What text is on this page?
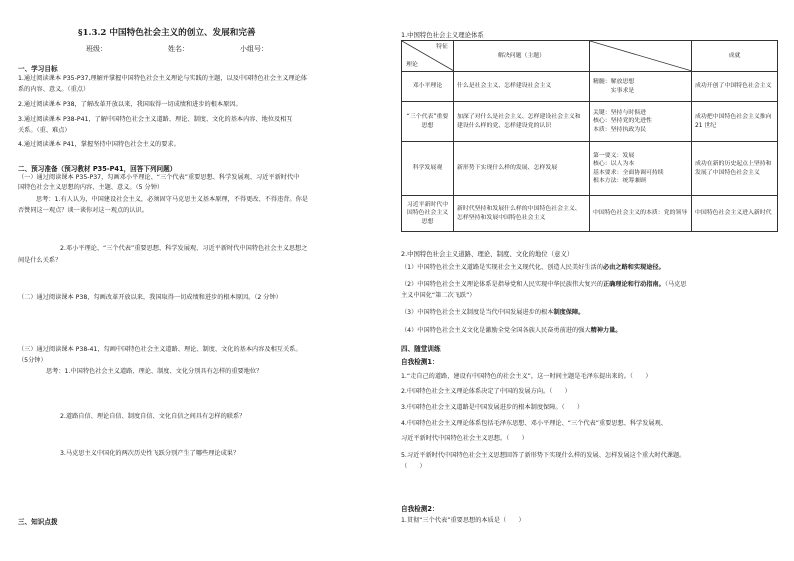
§1.3.2 中国特色社会主义的创立、发展和完善
班级：	姓名：	小组号：
一、学习目标
1.通过阅读课本 P35-P37,理解并掌握中国特色社会主义理论与实践的主题，以及中国特色社会主义理论体
系的内容、意义。（重点）
2.通过阅读课本 P38，了解改革开放以来，我国取得一切成绩和进步的根本原因。
3.通过阅读课本 P38-P41，了解中国特色社会主义道路、理论、制度、文化的基本内容、地位及相互
关系。（重、难点）
4.通过阅读课本 P41，掌握坚持中国特色社会主义的要求。
二、预习准备（预习教材 P35-P41，回答下列问题）
（一）通过阅读课本 P35-P37，勾画邓小平理论、“三个代表”重要思想、科学发展观、习近平新时代中
国特色社会主义思想的内容、主题、意义。（5 分钟）
思考：1.有人认为，中国建设社会主义，必须固守马克思主义基本原理，不得更改、不得违背。你是
否赞同这一观点？谈一谈你对这一观点的认识。
2.邓小平理论、“三个代表”重要思想、科学发展观、习近平新时代中国特色社会主义思想之
间是什么关系？
（二）通过阅读课本 P38，勾画改革开放以来，我国取得一切成绩和进步的根本原因。（2 分钟）
（三）通过阅读课本 P38-41，勾画中国特色社会主义道路、理论、制度、文化的基本内容及相互关系。
（5分钟）
思考：1.中国特色社会主义道路、理论、制度、文化分别具有怎样的重要地位？
2.道路自信、理论自信、制度自信、文化自信之间具有怎样的联系？
3.马克思主义中国化的两次历史性飞跃分别产生了哪些理论成果？
三、知识点拨
1.中国特色社会主义理论体系
特征
理论	解决问题（主题）		成就
邓小平理论	什么是社会主义、怎样建设社会主义	精髓：解放思想
　　　实事求是	成功开创了中国特色社会主义
“三个代表”重要思想	加深了对什么是社会主义、怎样建设社会主义和建设什么样的党、怎样建设党的认识	关键：坚持与时俱进
核心：坚持党的先进性
本质：坚持执政为民	成功把中国特色社会主义推向 21 世纪
科学发展观	新形势下实现什么样的发展、怎样发展	第一要义：发展
核心：以人为本
基本要求：全面协调可持续
根本方法：统筹兼顾	成功在新的历史起点上坚持和发展了中国特色社会主义
习近平新时代中国特色社会主义思想	新时代坚持和发展什么样的中国特色社会主义、怎样坚持和发展中国特色社会主义	中国特色社会主义的本质：党的领导	中国特色社会主义进入新时代
2.中国特色社会主义道路、理论、制度、文化的地位（意义）
（1）中国特色社会主义道路是实现社会主义现代化、创造人民美好生活的必由之路和实现途径。
（2）中国特色社会主义理论体系是指导党和人民实现中华民族伟大复兴的正确理论和行动指南。（马克思
主义中国化“第二次飞跃”）
（3）中国特色社会主义制度是当代中国发展进步的根本制度保障。
（4）中国特色社会主义文化是激励全党全国各族人民奋勇前进的强大精神力量。
四、随堂训练
自我检测1：
1.“走自己的道路，建设有中国特色的社会主义”，这一时间主题是毛泽东提出来的。（　　）
2.中国特色社会主义理论体系决定了中国的发展方向。（　　）
3.中国特色社会主义道路是中国发展进步的根本制度保障。（　　）
4.中国特色社会主义理论体系包括毛泽东思想、邓小平理论、“三个代表”重要思想、科学发展观、
习近平新时代中国特色社会主义思想。（　　）
5.习近平新时代中国特色社会主义思想回答了新形势下实现什么样的发展、怎样发展这个重大时代课题。
（　　）
自我检测2：
1.贯彻“三个代表”重要思想的本质是（　　）
